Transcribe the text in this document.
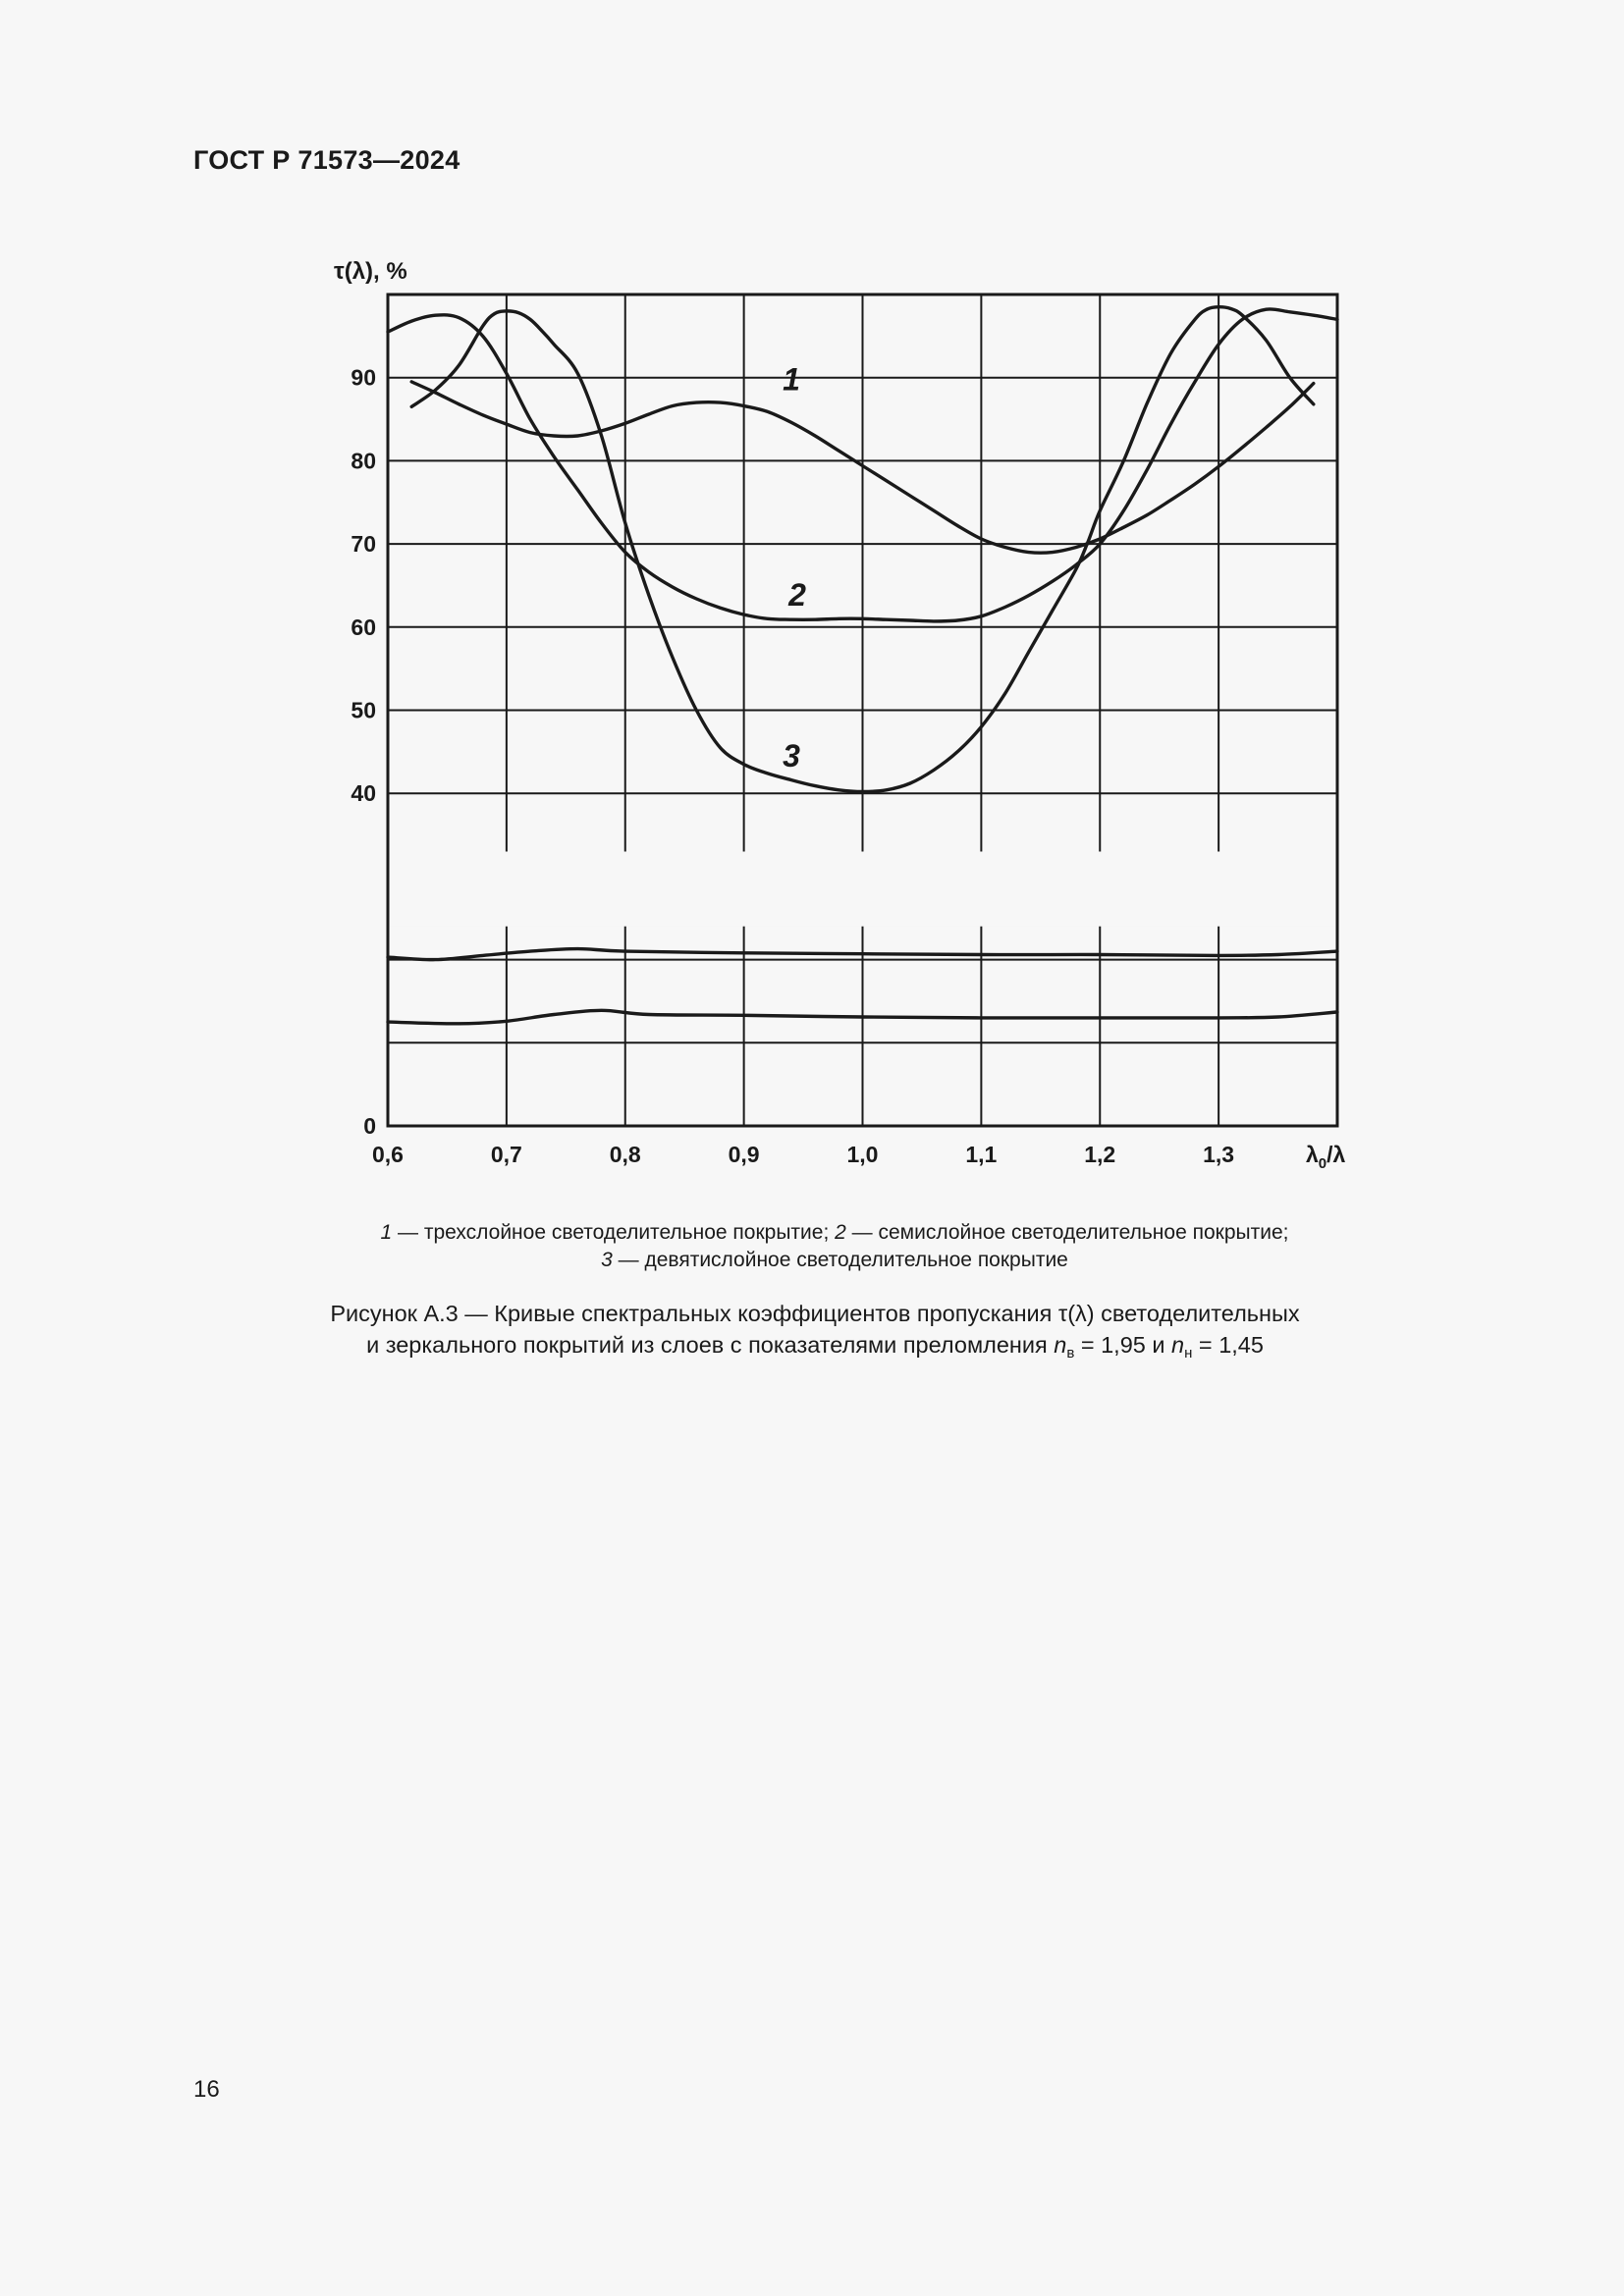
ГОСТ Р 71573—2024
1
2
3
0,6	0,7	0,8	0,9	1,0	1,1	1,2	1,3
0
40
50
60
70
80
90
τ(λ), %
$\lambda_0/\lambda$
1 — трехслойное светоделительное покрытие; 2 — семислойное светоделительное покрытие;
3 — девятислойное светоделительное покрытие
Рисунок А.3 — Кривые спектральных коэффициентов пропускания τ(λ) светоделительных
и зеркального покрытий из слоев с показателями преломления $n_в = 1,95$ и $n_н = 1,45$
16
